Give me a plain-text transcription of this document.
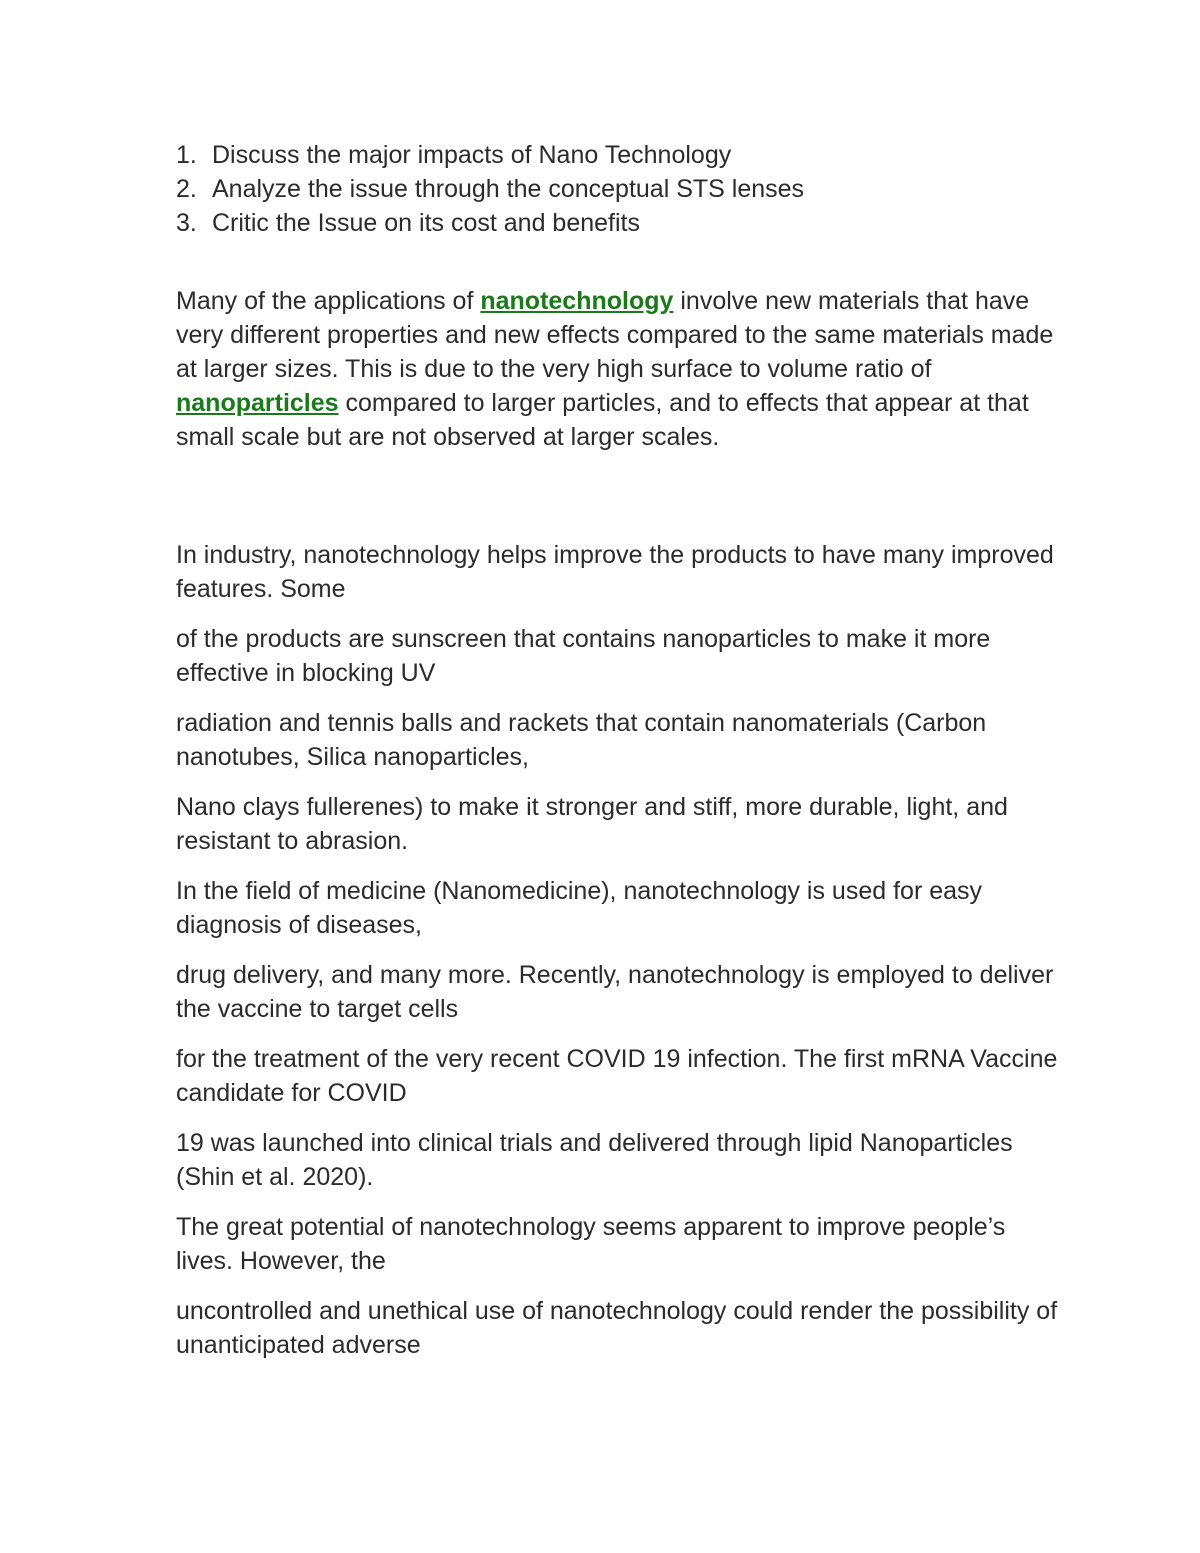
1. Discuss the major impacts of Nano Technology
2. Analyze the issue through the conceptual STS lenses
3. Critic the Issue on its cost and benefits

Many of the applications of nanotechnology involve new materials that have very different properties and new effects compared to the same materials made at larger sizes. This is due to the very high surface to volume ratio of nanoparticles compared to larger particles, and to effects that appear at that small scale but are not observed at larger scales.

In industry, nanotechnology helps improve the products to have many improved features. Some

of the products are sunscreen that contains nanoparticles to make it more effective in blocking UV

radiation and tennis balls and rackets that contain nanomaterials (Carbon nanotubes, Silica nanoparticles,

Nano clays fullerenes) to make it stronger and stiff, more durable, light, and resistant to abrasion.

In the field of medicine (Nanomedicine), nanotechnology is used for easy diagnosis of diseases,

drug delivery, and many more. Recently, nanotechnology is employed to deliver the vaccine to target cells

for the treatment of the very recent COVID 19 infection. The first mRNA Vaccine candidate for COVID

19 was launched into clinical trials and delivered through lipid Nanoparticles (Shin et al. 2020).

The great potential of nanotechnology seems apparent to improve people’s lives. However, the

uncontrolled and unethical use of nanotechnology could render the possibility of unanticipated adverse
